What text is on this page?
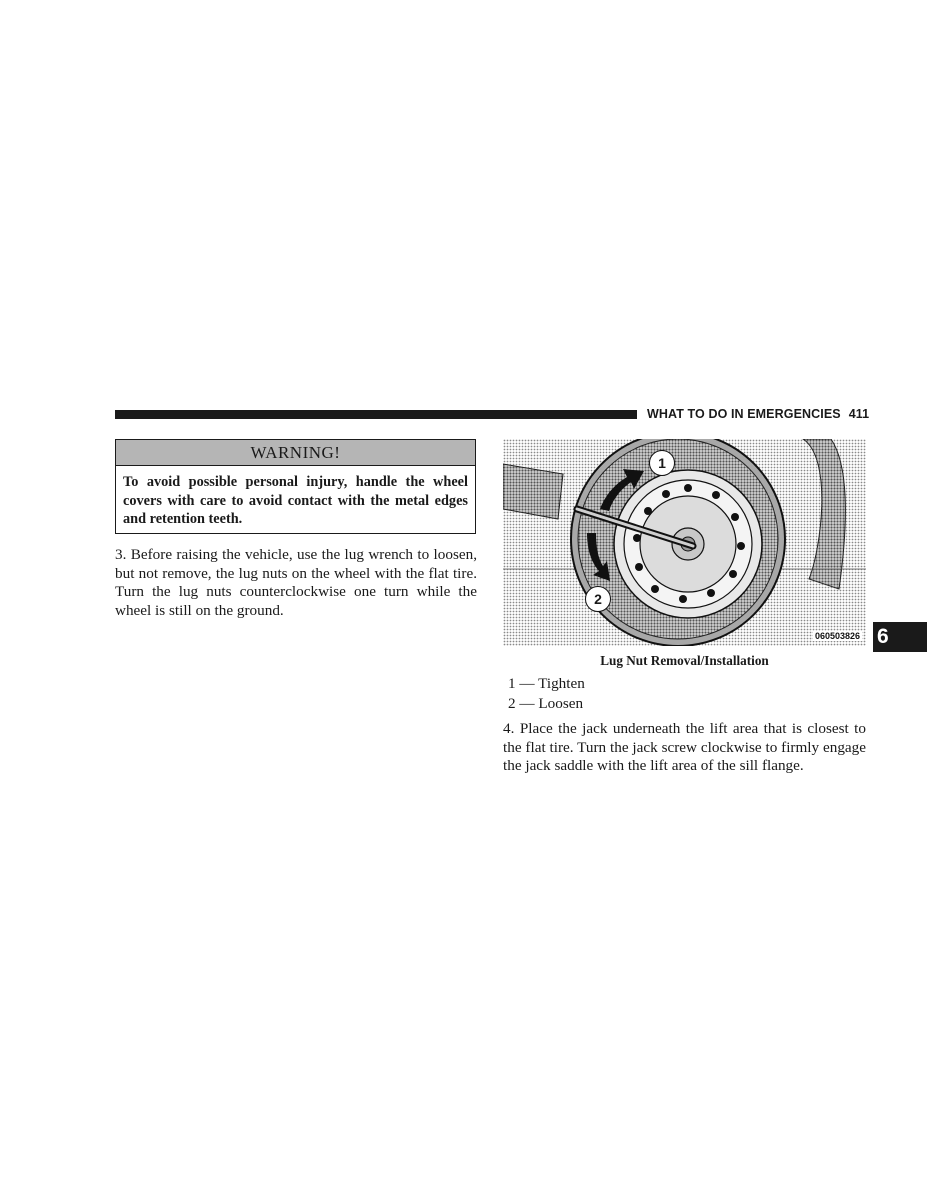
WHAT TO DO IN EMERGENCIES 411
WARNING!
To avoid possible personal injury, handle the wheel covers with care to avoid contact with the metal edges and retention teeth.
3. Before raising the vehicle, use the lug wrench to loosen, but not remove, the lug nuts on the wheel with the flat tire. Turn the lug nuts counterclockwise one turn while the wheel is still on the ground.
1
2
060503826
Lug Nut Removal/Installation
1 — Tighten
2 — Loosen
4. Place the jack underneath the lift area that is closest to the flat tire. Turn the jack screw clockwise to firmly engage the jack saddle with the lift area of the sill flange.
6
